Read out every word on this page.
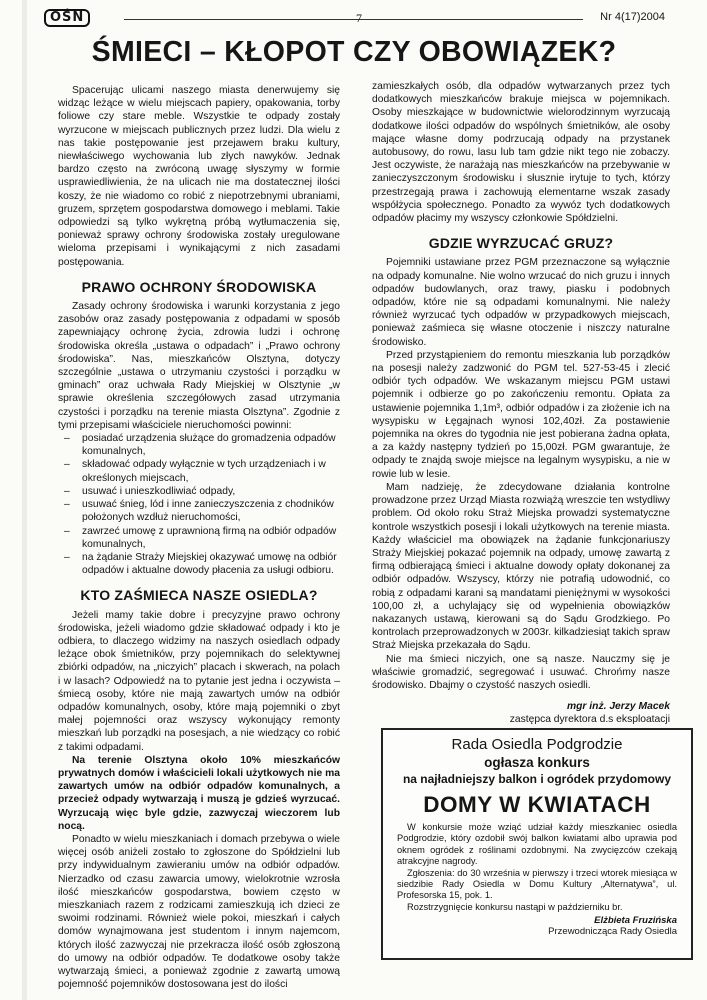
OŚN	7	Nr 4(17)2004
ŚMIECI – KŁOPOT CZY OBOWIĄZEK?

Spacerując ulicami naszego miasta denerwujemy się widząc leżące w wielu miejscach papiery, opakowania, torby foliowe czy stare meble. Wszystkie te odpady zostały wyrzucone w miejscach publicznych przez ludzi. Dla wielu z nas takie postępowanie jest przejawem braku kultury, niewłaściwego wychowania lub złych nawyków. Jednak bardzo często na zwróconą uwagę słyszymy w formie usprawiedliwienia, że na ulicach nie ma dostatecznej ilości koszy, że nie wiadomo co robić z niepotrzebnymi ubraniami, gruzem, sprzętem gospodarstwa domowego i meblami. Takie odpowiedzi są tylko wykrętną próbą wytłumaczenia się, ponieważ sprawy ochrony środowiska zostały uregulowane wieloma przepisami i wynikającymi z nich zasadami postępowania.

PRAWO OCHRONY ŚRODOWISKA

Zasady ochrony środowiska i warunki korzystania z jego zasobów oraz zasady postępowania z odpadami w sposób zapewniający ochronę życia, zdrowia ludzi i ochronę środowiska określa „ustawa o odpadach” i „Prawo ochrony środowiska”. Nas, mieszkańców Olsztyna, dotyczy szczególnie „ustawa o utrzymaniu czystości i porządku w gminach” oraz uchwała Rady Miejskiej w Olsztynie „w sprawie określenia szczegółowych zasad utrzymania czystości i porządku na terenie miasta Olsztyna”. Zgodnie z tymi przepisami właściciele nieruchomości powinni:

– posiadać urządzenia służące do gromadzenia odpadów komunalnych,
– składować odpady wyłącznie w tych urządzeniach i w określonych miejscach,
– usuwać i unieszkodliwiać odpady,
– usuwać śnieg, lód i inne zanieczyszczenia z chodników położonych wzdłuż nieruchomości,
– zawrzeć umowę z uprawnioną firmą na odbiór odpadów komunalnych,
– na żądanie Straży Miejskiej okazywać umowę na odbiór odpadów i aktualne dowody płacenia za usługi odbioru.
KTO ZAŚMIECA NASZE OSIEDLA?

Jeżeli mamy takie dobre i precyzyjne prawo ochrony środowiska, jeżeli wiadomo gdzie składować odpady i kto je odbiera, to dlaczego widzimy na naszych osiedlach odpady leżące obok śmietników, przy pojemnikach do selektywnej zbiórki odpadów, na „niczyich” placach i skwerach, na polach i w lasach? Odpowiedź na to pytanie jest jedna i oczywista – śmiecą osoby, które nie mają zawartych umów na odbiór odpadów komunalnych, osoby, które mają pojemniki o zbyt małej pojemności oraz wszyscy wykonujący remonty mieszkań lub porządki na posesjach, a nie wiedzący co robić z takimi odpadami.

Na terenie Olsztyna około 10% mieszkańców prywatnych domów i właścicieli lokali użytkowych nie ma zawartych umów na odbiór odpadów komunalnych, a przecież odpady wytwarzają i muszą je gdzieś wyrzucać. Wyrzucają więc byle gdzie, zazwyczaj wieczorem lub nocą.

Ponadto w wielu mieszkaniach i domach przebywa o wiele więcej osób aniżeli zostało to zgłoszone do Spółdzielni lub przy indywidualnym zawieraniu umów na odbiór odpadów. Nierzadko od czasu zawarcia umowy, wielokrotnie wzrosła ilość mieszkańców gospodarstwa, bowiem często w mieszkaniach razem z rodzicami zamieszkują ich dzieci ze swoimi rodzinami. Również wiele pokoi, mieszkań i całych domów wynajmowana jest studentom i innym najemcom, których ilość zazwyczaj nie przekracza ilość osób zgłoszoną do umowy na odbiór odpadów. Te dodatkowe osoby także wytwarzają śmieci, a ponieważ zgodnie z zawartą umową pojemność pojemników dostosowana jest do ilości

zamieszkałych osób, dla odpadów wytwarzanych przez tych dodatkowych mieszkańców brakuje miejsca w pojemnikach. Osoby mieszkające w budownictwie wielorodzinnym wyrzucają dodatkowe ilości odpadów do wspólnych śmietników, ale osoby mające własne domy podrzucają odpady na przystanek autobusowy, do rowu, lasu lub tam gdzie nikt tego nie zobaczy. Jest oczywiste, że narażają nas mieszkańców na przebywanie w zanieczyszczonym środowisku i słusznie irytuje to tych, którzy przestrzegają prawa i zachowują elementarne wszak zasady współżycia społecznego. Ponadto za wywóz tych dodatkowych odpadów płacimy my wszyscy członkowie Spółdzielni.

GDZIE WYRZUCAĆ GRUZ?

Pojemniki ustawiane przez PGM przeznaczone są wyłącznie na odpady komunalne. Nie wolno wrzucać do nich gruzu i innych odpadów budowlanych, oraz trawy, piasku i podobnych odpadów, które nie są odpadami komunalnymi. Nie należy również wyrzucać tych odpadów w przypadkowych miejscach, ponieważ zaśmieca się własne otoczenie i niszczy naturalne środowisko.

Przed przystąpieniem do remontu mieszkania lub porządków na posesji należy zadzwonić do PGM tel. 527-53-45 i zlecić odbiór tych odpadów. We wskazanym miejscu PGM ustawi pojemnik i odbierze go po zakończeniu remontu. Opłata za ustawienie pojemnika 1,1m³, odbiór odpadów i za złożenie ich na wysypisku w Łęgajnach wynosi 102,40zł. Za postawienie pojemnika na okres do tygodnia nie jest pobierana żadna opłata, a za każdy następny tydzień po 15,00zł. PGM gwarantuje, że odpady te znajdą swoje miejsce na legalnym wysypisku, a nie w rowie lub w lesie.

Mam nadzieję, że zdecydowane działania kontrolne prowadzone przez Urząd Miasta rozwiążą wreszcie ten wstydliwy problem. Od około roku Straż Miejska prowadzi systematyczne kontrole wszystkich posesji i lokali użytkowych na terenie miasta. Każdy właściciel ma obowiązek na żądanie funkcjonariuszy Straży Miejskiej pokazać pojemnik na odpady, umowę zawartą z firmą odbierającą śmieci i aktualne dowody opłaty dokonanej za odbiór odpadów. Wszyscy, którzy nie potrafią udowodnić, co robią z odpadami karani są mandatami pieniężnymi w wysokości 100,00 zł, a uchylający się od wypełnienia obowiązków nakazanych ustawą, kierowani są do Sądu Grodzkiego. Po kontrolach przeprowadzonych w 2003r. kilkadziesiąt takich spraw Straż Miejska przekazała do Sądu.

Nie ma śmieci niczyich, one są nasze. Nauczmy się je właściwie gromadzić, segregować i usuwać. Chrońmy nasze środowisko. Dbajmy o czystość naszych osiedli.

mgr inż. Jerzy Macek
zastępca dyrektora d.s eksploatacji
Rada Osiedla Podgrodzie
ogłasza konkurs
na najładniejszy balkon i ogródek przydomowy
DOMY W KWIATACH

W konkursie może wziąć udział każdy mieszkaniec osiedla Podgrodzie, który ozdobił swój balkon kwiatami albo uprawia pod oknem ogródek z roślinami ozdobnymi. Na zwycięzców czekają atrakcyjne nagrody.

Zgłoszenia: do 30 września w pierwszy i trzeci wtorek miesiąca w siedzibie Rady Osiedla w Domu Kultury „Alternatywa”, ul. Profesorska 15, pok. 1.

Rozstrzygnięcie konkursu nastąpi w październiku br.

Elżbieta Fruzińska
Przewodnicząca Rady Osiedla
